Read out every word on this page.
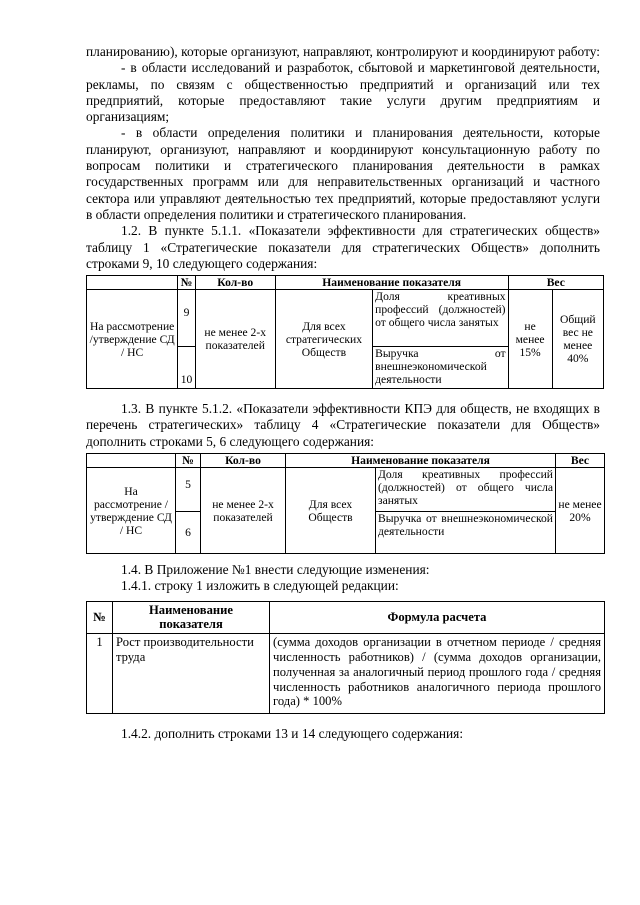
планированию), которые организуют, направляют, контролируют и координируют работу:

- в области исследований и разработок, сбытовой и маркетинговой деятельности, рекламы, по связям с общественностью предприятий и организаций или тех предприятий, которые предоставляют такие услуги другим предприятиям и организациям;

- в области определения политики и планирования деятельности, которые планируют, организуют, направляют и координируют консультационную работу по вопросам политики и стратегического планирования деятельности в рамках государственных программ или для неправительственных организаций и частного сектора или управляют деятельностью тех предприятий, которые предоставляют услуги в области определения политики и стратегического планирования.

1.2. В пункте 5.1.1. «Показатели эффективности для стратегических обществ» таблицу 1 «Стратегические показатели для стратегических Обществ» дополнить строками 9, 10 следующего содержания:

	№	Кол-во	Наименование показателя		Вес	
На рассмотрение /утверждение СД / НС	9	не менее 2-х показателей	Для всех стратегических Обществ	Доля креативных профессий (должностей) от общего числа занятых	не менее 15%	Общий вес не менее 40%
	10			Выручка от внешнеэкономической деятельности		

1.3. В пункте 5.1.2. «Показатели эффективности КПЭ для обществ, не входящих в перечень стратегических» таблицу 4 «Стратегические показатели для Обществ» дополнить строками 5, 6 следующего содержания:

	№	Кол-во	Наименование показателя		Вес
На рассмотрение /утверждение СД / НС	5	не менее 2-х показателей	Для всех Обществ	Доля креативных профессий (должностей) от общего числа занятых	не менее 20%
	6			Выручка от внешнеэкономической деятельности	

1.4. В Приложение №1 внести следующие изменения:

1.4.1. строку 1 изложить в следующей редакции:

№	Наименование показателя	Формула расчета
1	Рост производительности труда	(сумма доходов организации в отчетном периоде / средняя численность работников) / (сумма доходов организации, полученная за аналогичный период прошлого года / средняя численность работников аналогичного периода прошлого года) * 100%

1.4.2. дополнить строками 13 и 14 следующего содержания:
